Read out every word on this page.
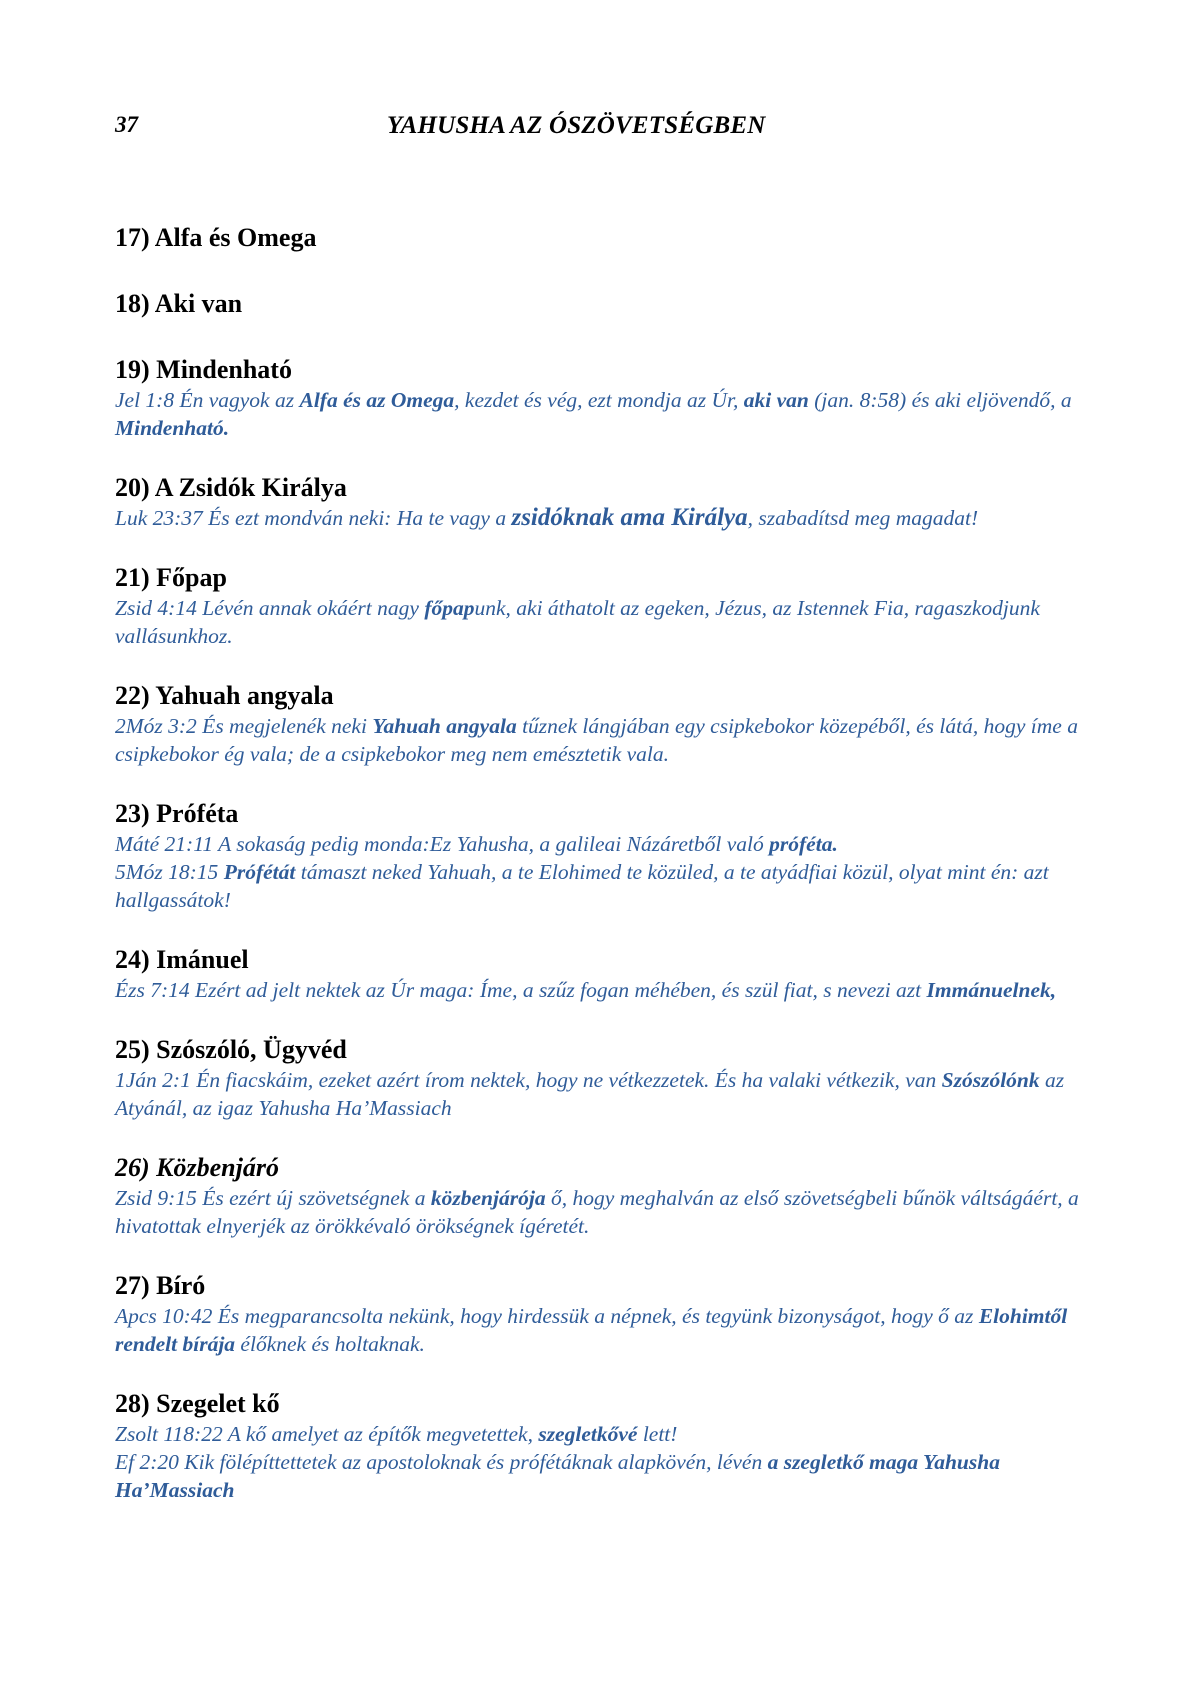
37	YAHUSHA AZ ÓSZÖVETSÉGBEN

17) Alfa és Omega

18) Aki van

19) Mindenható

Jel 1:8 Én vagyok az Alfa és az Omega, kezdet és vég, ezt mondja az Úr, aki van (jan. 8:58) és aki eljövendő, a Mindenható.

20) A Zsidók Királya

Luk 23:37 És ezt mondván neki: Ha te vagy a zsidóknak ama Királya, szabadítsd meg magadat!

21) Főpap

Zsid 4:14 Lévén annak okáért nagy főpapunk, aki áthatolt az egeken, Jézus, az Istennek Fia, ragaszkodjunk vallásunkhoz.

22) Yahuah angyala

2Móz 3:2 És megjelenék neki Yahuah angyala tűznek lángjában egy csipkebokor közepéből, és látá, hogy íme a csipkebokor ég vala; de a csipkebokor meg nem emésztetik vala.

23) Próféta

Máté 21:11 A sokaság pedig monda:Ez Yahusha, a galileai Názáretből való próféta.

5Móz 18:15 Prófétát támaszt neked Yahuah, a te Elohimed te közüled, a te atyádfiai közül, olyat mint én: azt hallgassátok!

24) Imánuel

Ézs 7:14 Ezért ad jelt nektek az Úr maga: Íme, a szűz fogan méhében, és szül fiat, s nevezi azt Immánuelnek,

25) Szószóló, Ügyvéd

1Ján 2:1 Én fiacskáim, ezeket azért írom nektek, hogy ne vétkezzetek. És ha valaki vétkezik, van Szószólónk az Atyánál, az igaz Yahusha Ha’Massiach

26) Közbenjáró

Zsid 9:15 És ezért új szövetségnek a közbenjárója ő, hogy meghalván az első szövetségbeli bűnök váltságáért, a hivatottak elnyerjék az örökkévaló örökségnek ígéretét.

27) Bíró

Apcs 10:42 És megparancsolta nekünk, hogy hirdessük a népnek, és tegyünk bizonyságot, hogy ő az Elohimtől rendelt bírája élőknek és holtaknak.

28) Szegelet kő

Zsolt 118:22 A kő amelyet az építők megvetettek, szegletkővé lett!

Ef 2:20 Kik fölépíttettetek az apostoloknak és prófétáknak alapkövén, lévén a szegletkő maga Yahusha Ha’Massiach
